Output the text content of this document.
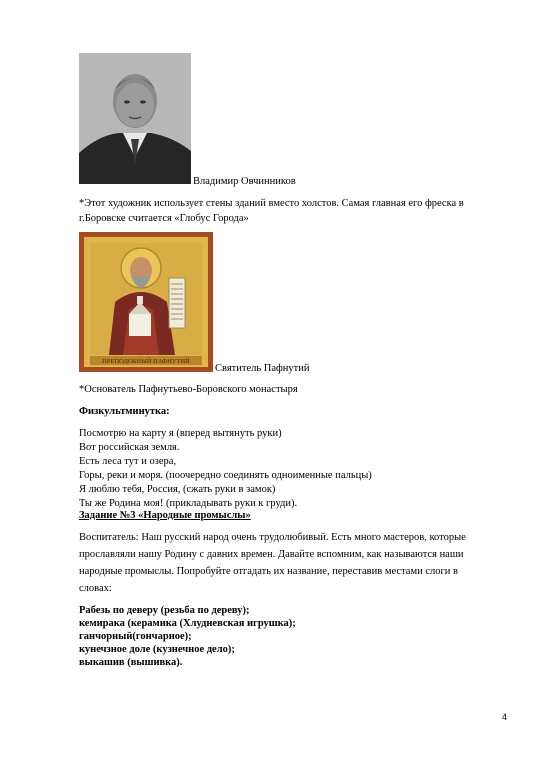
Владимир Овчинников
*Этот художник использует стены зданий вместо холстов. Самая главная его фреска в
г.Боровске считается «Глобус Города»
ПРЕПОДОБНЫЙ ПАФНУТИЙ
Святитель Пафнутий
*Основатель Пафнутьево-Боровского монастыря
Физкультминутка:
Посмотрю на карту я (вперед вытянуть руки)
Вот российская земля.
Есть леса тут и озера,
Горы, реки и моря. (поочередно соединять одноименные пальцы)
Я люблю тебя, Россия, (сжать руки в замок)
Ты же Родина моя! (прикладывать руки к груди).
Задание №3 «Народные промыслы»
Воспитатель: Наш русский народ очень трудолюбивый. Есть много мастеров, которые
прославляли нашу Родину с давних времен. Давайте вспомним, как называются наши
народные промыслы. Попробуйте отгадать их название, переставив местами слоги в
словах:
Рабезь по деверу (резьба по дереву);
кемирака (керамика (Хлудневская игрушка);
ганчорный(гончарное);
кунечзное доле (кузнечное дело);
выкашив (вышивка).
4
